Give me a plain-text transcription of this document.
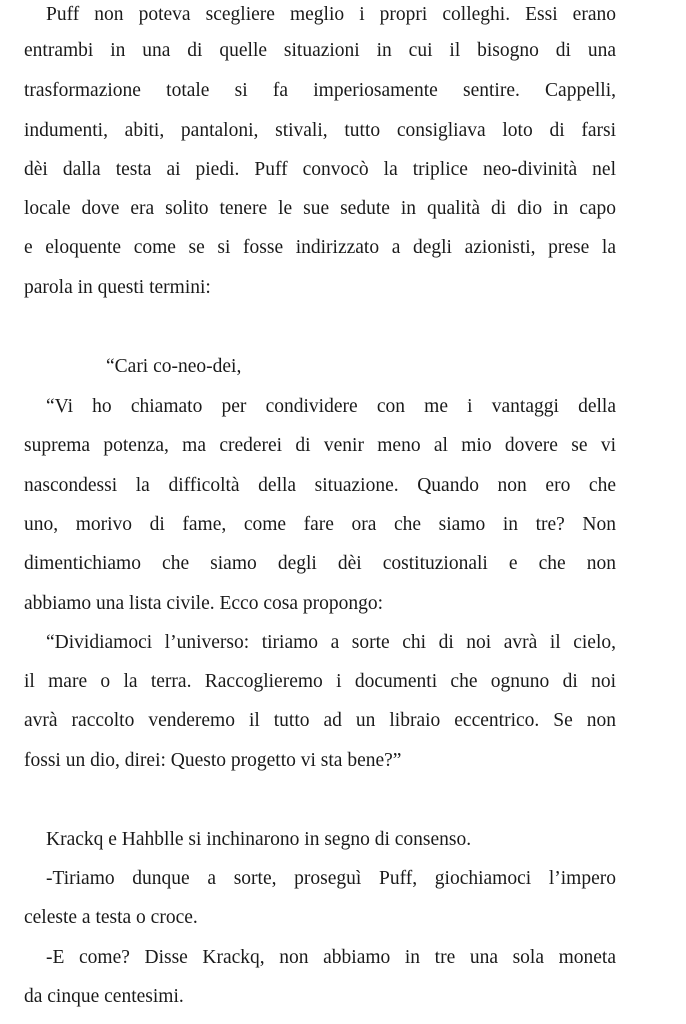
Puff non poteva scegliere meglio i propri colleghi. Essi erano
entrambi in una di quelle situazioni in cui il bisogno di una
trasformazione totale si fa imperiosamente sentire. Cappelli,
indumenti, abiti, pantaloni, stivali, tutto consigliava loto di farsi
dèi dalla testa ai piedi. Puff convocò la triplice neo-divinità nel
locale dove era solito tenere le sue sedute in qualità di dio in capo
e eloquente come se si fosse indirizzato a degli azionisti, prese la
parola in questi termini:
“Cari co-neo-dei,
“Vi ho chiamato per condividere con me i vantaggi della
suprema potenza, ma crederei di venir meno al mio dovere se vi
nascondessi la difficoltà della situazione. Quando non ero che
uno, morivo di fame, come fare ora che siamo in tre? Non
dimentichiamo che siamo degli dèi costituzionali e che non
abbiamo una lista civile. Ecco cosa propongo:
“Dividiamoci l’universo: tiriamo a sorte chi di noi avrà il cielo,
il mare o la terra. Raccoglieremo i documenti che ognuno di noi
avrà raccolto venderemo il tutto ad un libraio eccentrico. Se non
fossi un dio, direi: Questo progetto vi sta bene?”
Krackq e Hahblle si inchinarono in segno di consenso.
-Tiriamo dunque a sorte, proseguì Puff, giochiamoci l’impero
celeste a testa o croce.
-E come? Disse Krackq, non abbiamo in tre una sola moneta
da cinque centesimi.
